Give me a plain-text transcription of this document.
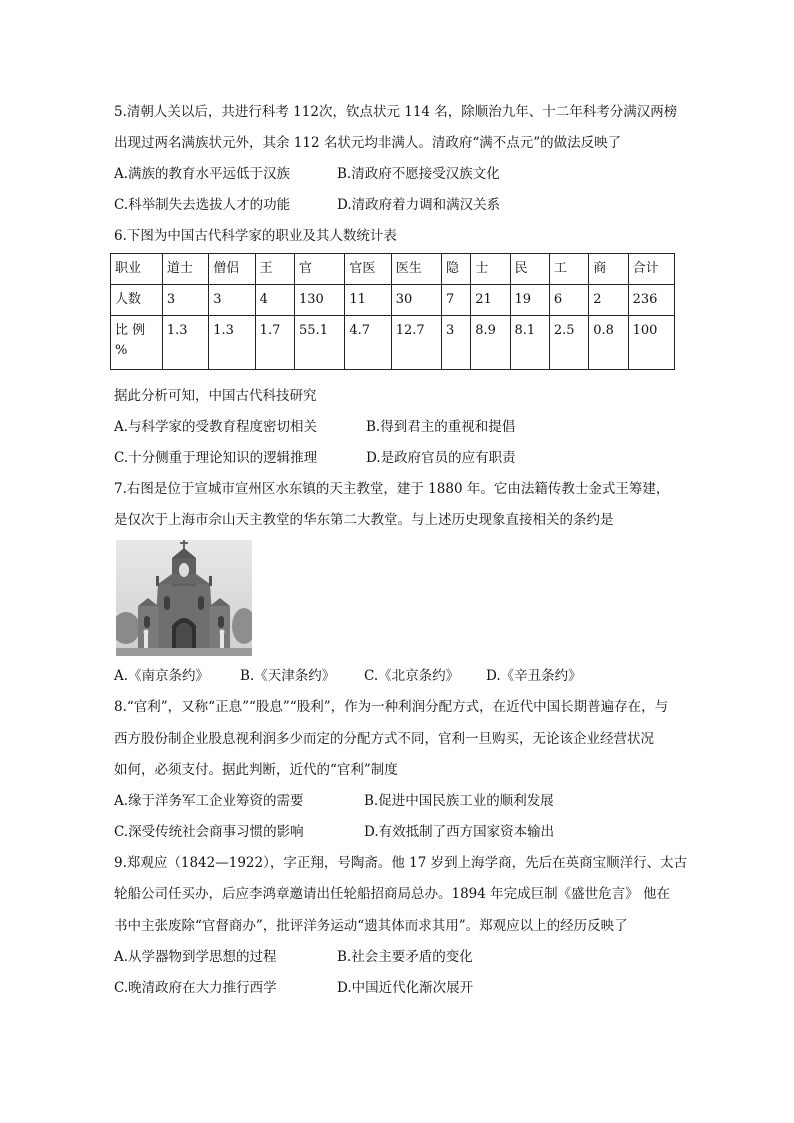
5.清朝人关以后，共进行科考 112次，钦点状元 114 名，除顺治九年、十二年科考分满汉两榜
出现过两名满族状元外，其余 112 名状元均非满人。清政府“满不点元”的做法反映了
A.满族的教育水平远低于汉族	B.清政府不愿接受汉族文化
C.科举制失去选拔人才的功能	D.清政府着力调和满汉关系
6.下图为中国古代科学家的职业及其人数统计表
职业	道士	僧侣	王	官	官医	医生	隐	士	民	工	商	合计
人数	3	3	4	130	11	30	7	21	19	6	2	236
比 例
%	1.3	1.3	1.7	55.1	4.7	12.7	3	8.9	8.1	2.5	0.8	100
据此分析可知，中国古代科技研究
A.与科学家的受教育程度密切相关	B.得到君主的重视和提倡
C.十分侧重于理论知识的逻辑推理	D.是政府官员的应有职责
7.右图是位于宣城市宣州区水东镇的天主教堂，建于 1880 年。它由法籍传教士金式王筹建，
是仅次于上海市佘山天主教堂的华东第二大教堂。与上述历史现象直接相关的条约是
A.《南京条约》 B.《天津条约》 C.《北京条约》 D.《辛丑条约》
8.“官利”，又称“正息”“股息”“股利”，作为一种利润分配方式，在近代中国长期普遍存在，与
西方股份制企业股息视利润多少而定的分配方式不同，官利一旦购买，无论该企业经营状况
如何，必须支付。据此判断，近代的“官利”制度
A.缘于洋务军工企业筹资的需要	B.促进中国民族工业的顺利发展
C.深受传统社会商事习惯的影响	D.有效抵制了西方国家资本输出
9.郑观应（1842—1922），字正翔，号陶斋。他 17 岁到上海学商，先后在英商宝顺洋行、太古
轮船公司任买办，后应李鸿章邀请出任轮船招商局总办。1894 年完成巨制《盛世危言》 他在
书中主张废除“官督商办”，批评洋务运动“遗其体而求其用”。郑观应以上的经历反映了
A.从学器物到学思想的过程	B.社会主要矛盾的变化
C.晚清政府在大力推行西学	D.中国近代化渐次展开
